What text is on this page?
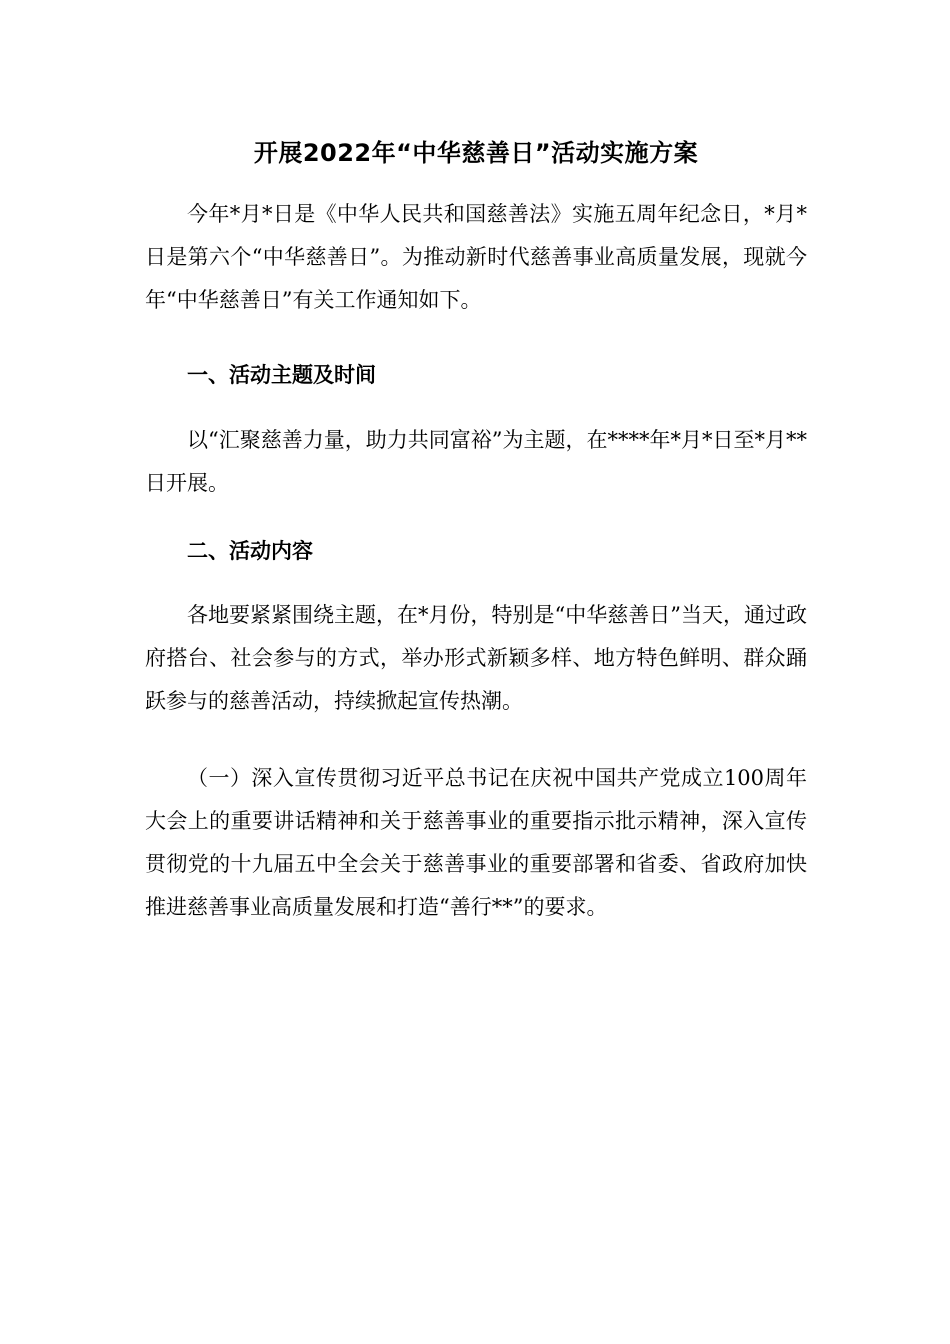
开展2022年“中华慈善日”活动实施方案

今年*月*日是《中华人民共和国慈善法》实施五周年纪念日，*月*日是第六个“中华慈善日”。为推动新时代慈善事业高质量发展，现就今年“中华慈善日”有关工作通知如下。

一、活动主题及时间

以“汇聚慈善力量，助力共同富裕”为主题，在****年*月*日至*月**日开展。

二、活动内容

各地要紧紧围绕主题，在*月份，特别是“中华慈善日”当天，通过政府搭台、社会参与的方式，举办形式新颖多样、地方特色鲜明、群众踊跃参与的慈善活动，持续掀起宣传热潮。

（一）深入宣传贯彻习近平总书记在庆祝中国共产党成立100周年大会上的重要讲话精神和关于慈善事业的重要指示批示精神，深入宣传贯彻党的十九届五中全会关于慈善事业的重要部署和省委、省政府加快推进慈善事业高质量发展和打造“善行**”的要求。
